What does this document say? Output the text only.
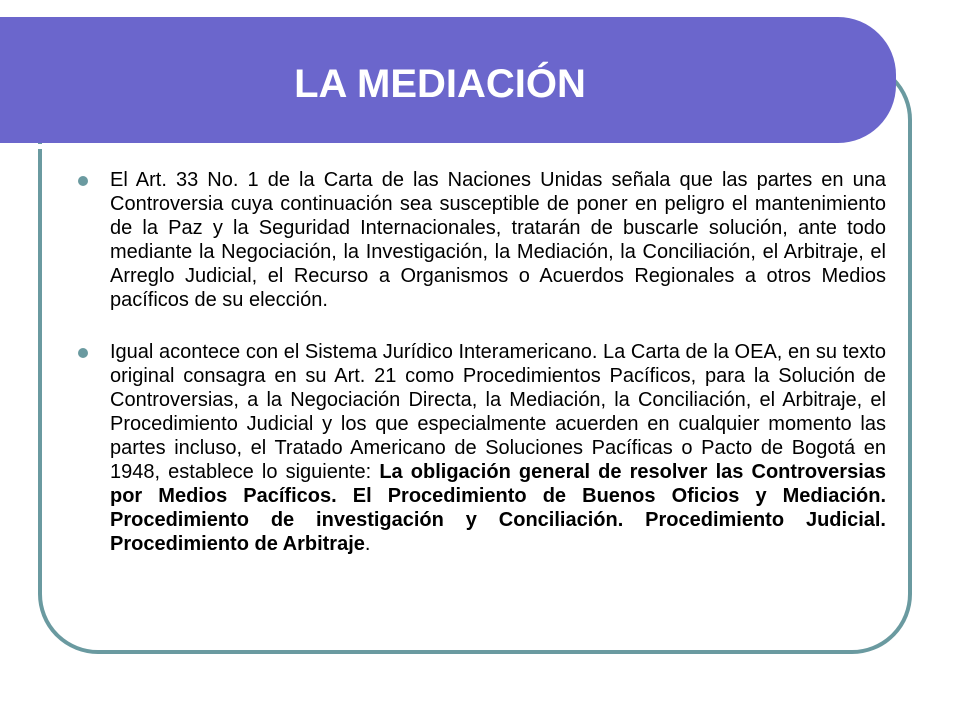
LA MEDIACIÓN
El Art. 33 No. 1 de la Carta de las Naciones Unidas señala que las partes en una Controversia cuya continuación sea susceptible de poner en peligro el mantenimiento de la Paz y la Seguridad Internacionales, tratarán de buscarle solución, ante todo mediante la Negociación, la Investigación, la Mediación, la Conciliación, el Arbitraje, el Arreglo Judicial, el Recurso a Organismos o Acuerdos Regionales a otros Medios pacíficos de su elección.
Igual acontece con el Sistema Jurídico Interamericano. La Carta de la OEA, en su texto original consagra en su Art. 21 como Procedimientos Pacíficos, para la Solución de Controversias, a la Negociación Directa, la Mediación, la Conciliación, el Arbitraje, el Procedimiento Judicial y los que especialmente acuerden en cualquier momento las partes incluso, el Tratado Americano de Soluciones Pacíficas o Pacto de Bogotá en 1948, establece lo siguiente: La obligación general de resolver las Controversias por Medios Pacíficos. El Procedimiento de Buenos Oficios y Mediación. Procedimiento de investigación y Conciliación. Procedimiento Judicial. Procedimiento de Arbitraje.
